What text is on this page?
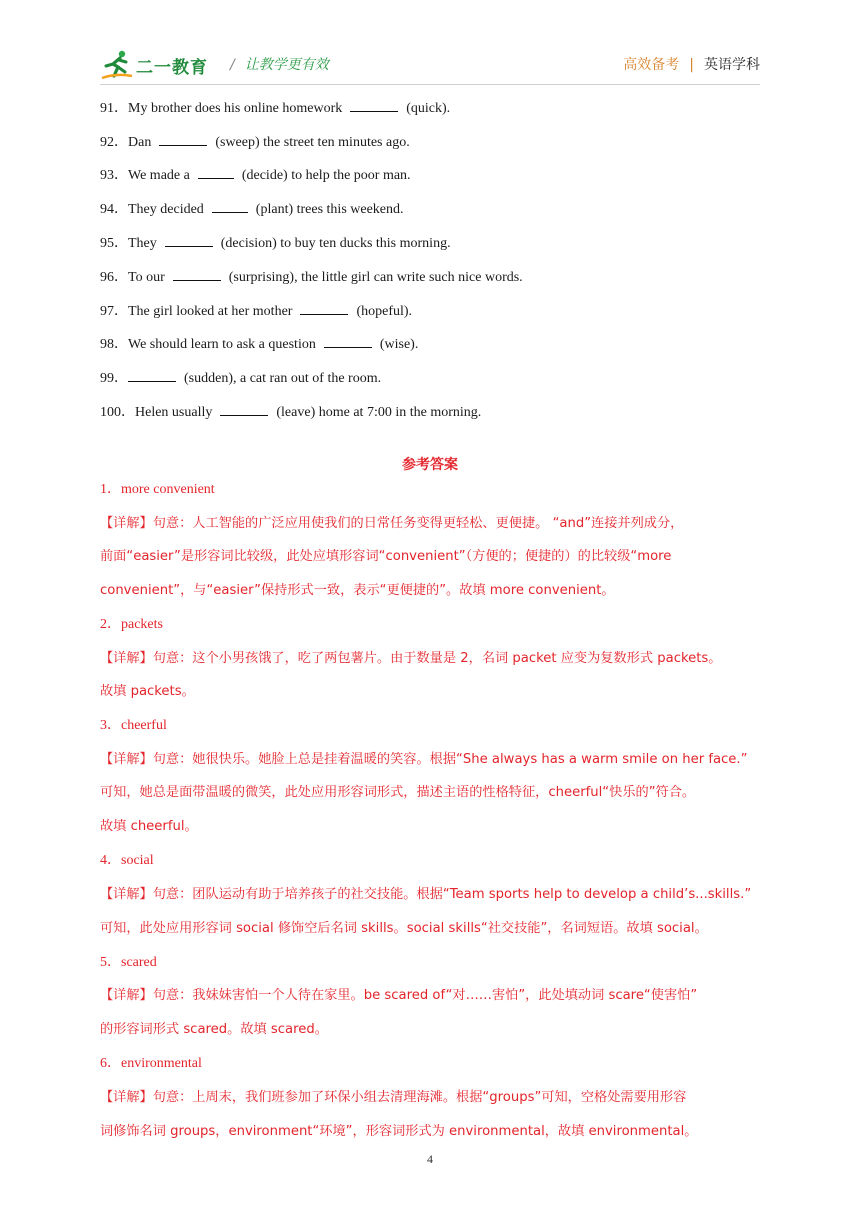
二一教育 / 让教学更有效	高效备考 | 英语学科
91．My brother does his online homework	(quick).
92．Dan	(sweep) the street ten minutes ago.
93．We made a	(decide) to help the poor man.
94．They decided	(plant) trees this weekend.
95．They	(decision) to buy ten ducks this morning.
96．To our	(surprising), the little girl can write such nice words.
97．The girl looked at her mother	(hopeful).
98．We should learn to ask a question	(wise).
99．	(sudden), a cat ran out of the room.
100．Helen usually	(leave) home at 7:00 in the morning.
参考答案
1．more convenient
【详解】句意：人工智能的广泛应用使我们的日常任务变得更轻松、更便捷。 “and”连接并列成分，
前面“easier”是形容词比较级，此处应填形容词“convenient”（方便的；便捷的）的比较级“more
convenient”，与“easier”保持形式一致，表示“更便捷的”。故填 more convenient。
2．packets
【详解】句意：这个小男孩饿了，吃了两包薯片。由于数量是 2，名词 packet 应变为复数形式 packets。
故填 packets。
3．cheerful
【详解】句意：她很快乐。她脸上总是挂着温暖的笑容。根据“She always has a warm smile on her face.”
可知，她总是面带温暖的微笑，此处应用形容词形式，描述主语的性格特征，cheerful“快乐的”符合。
故填 cheerful。
4．social
【详解】句意：团队运动有助于培养孩子的社交技能。根据“Team sports help to develop a child’s...skills.”
可知，此处应用形容词 social 修饰空后名词 skills。social skills“社交技能”，名词短语。故填 social。
5．scared
【详解】句意：我妹妹害怕一个人待在家里。be scared of“对……害怕”，此处填动词 scare“使害怕”
的形容词形式 scared。故填 scared。
6．environmental
【详解】句意：上周末，我们班参加了环保小组去清理海滩。根据“groups”可知，空格处需要用形容
词修饰名词 groups，environment“环境”，形容词形式为 environmental，故填 environmental。
4
